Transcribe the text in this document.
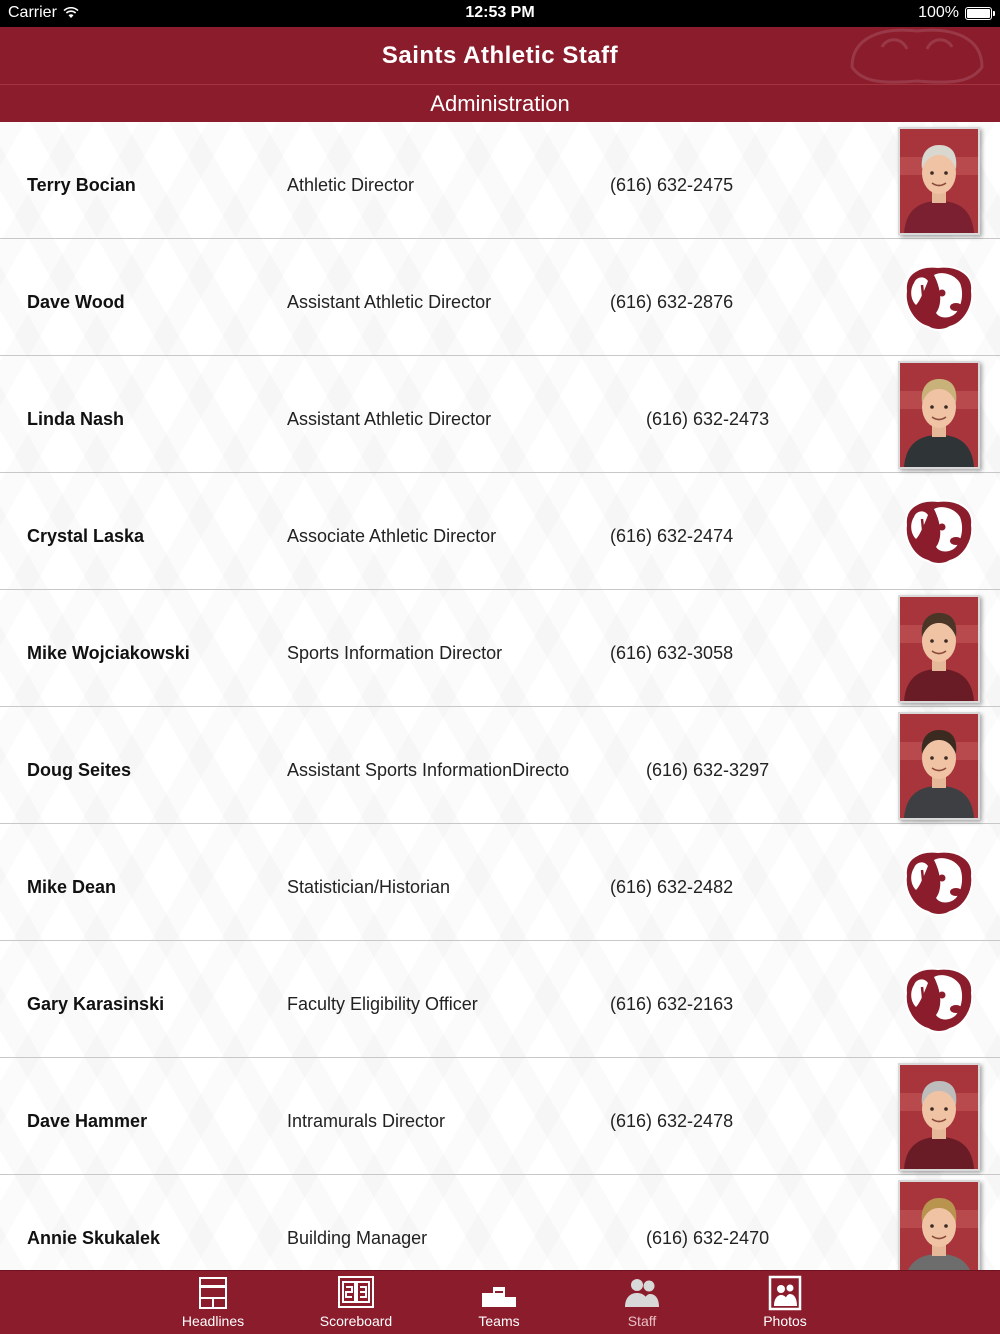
Carrier	12:53 PM	100%
Saints Athletic Staff
Administration
Terry Bocian	Athletic Director	(616) 632-2475
Dave Wood	Assistant Athletic Director	(616) 632-2876
Linda Nash	Assistant Athletic Director	(616) 632-2473
Crystal Laska	Associate Athletic Director	(616) 632-2474
Mike Wojciakowski	Sports Information Director	(616) 632-3058
Doug Seites	Assistant Sports InformationDirecto	(616) 632-3297
Mike Dean	Statistician/Historian	(616) 632-2482
Gary Karasinski	Faculty Eligibility Officer	(616) 632-2163
Dave Hammer	Intramurals Director	(616) 632-2478
Annie Skukalek	Building Manager	(616) 632-2470
Headlines	Scoreboard	Teams	Staff	Photos
